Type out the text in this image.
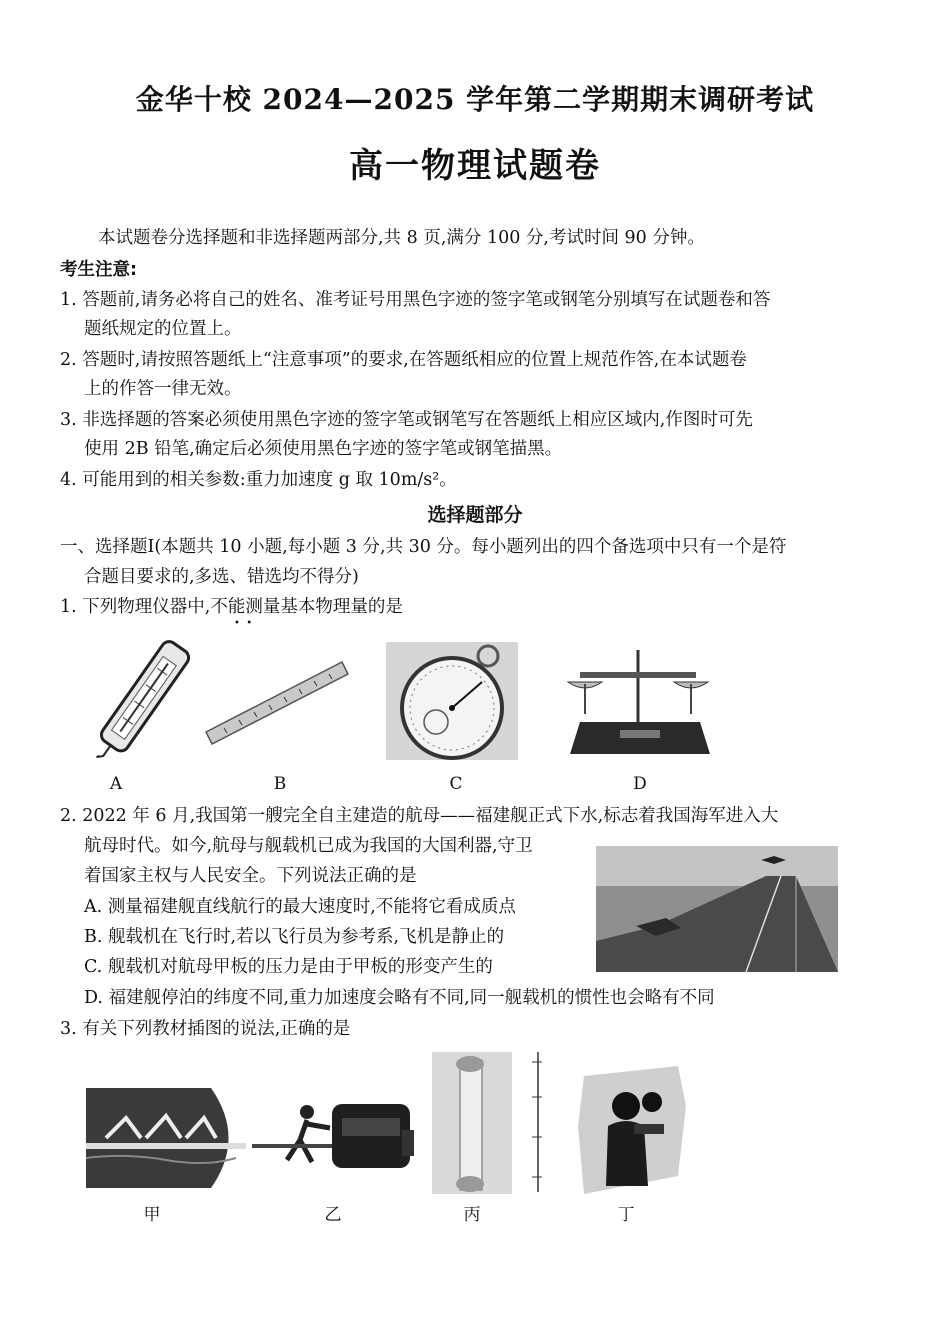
金华十校 2024—2025 学年第二学期期末调研考试
高一物理试题卷
本试题卷分选择题和非选择题两部分,共 8 页,满分 100 分,考试时间 90 分钟。
考生注意:
1. 答题前,请务必将自己的姓名、准考证号用黑色字迹的签字笔或钢笔分别填写在试题卷和答
题纸规定的位置上。
2. 答题时,请按照答题纸上“注意事项”的要求,在答题纸相应的位置上规范作答,在本试题卷
上的作答一律无效。
3. 非选择题的答案必须使用黑色字迹的签字笔或钢笔写在答题纸上相应区域内,作图时可先
使用 2B 铅笔,确定后必须使用黑色字迹的签字笔或钢笔描黑。
4. 可能用到的相关参数:重力加速度 g 取 10m/s²。
选择题部分
一、选择题Ⅰ(本题共 10 小题,每小题 3 分,共 30 分。每小题列出的四个备选项中只有一个是符
合题目要求的,多选、错选均不得分)
1. 下列物理仪器中,不能测量基本物理量的是
•  •
A	B	C	D
2. 2022 年 6 月,我国第一艘完全自主建造的航母——福建舰正式下水,标志着我国海军进入大
航母时代。如今,航母与舰载机已成为我国的大国利器,守卫
着国家主权与人民安全。下列说法正确的是
A. 测量福建舰直线航行的最大速度时,不能将它看成质点
B. 舰载机在飞行时,若以飞行员为参考系,飞机是静止的
C. 舰载机对航母甲板的压力是由于甲板的形变产生的
D. 福建舰停泊的纬度不同,重力加速度会略有不同,同一舰载机的惯性也会略有不同
3. 有关下列教材插图的说法,正确的是
甲	乙	丙	丁
